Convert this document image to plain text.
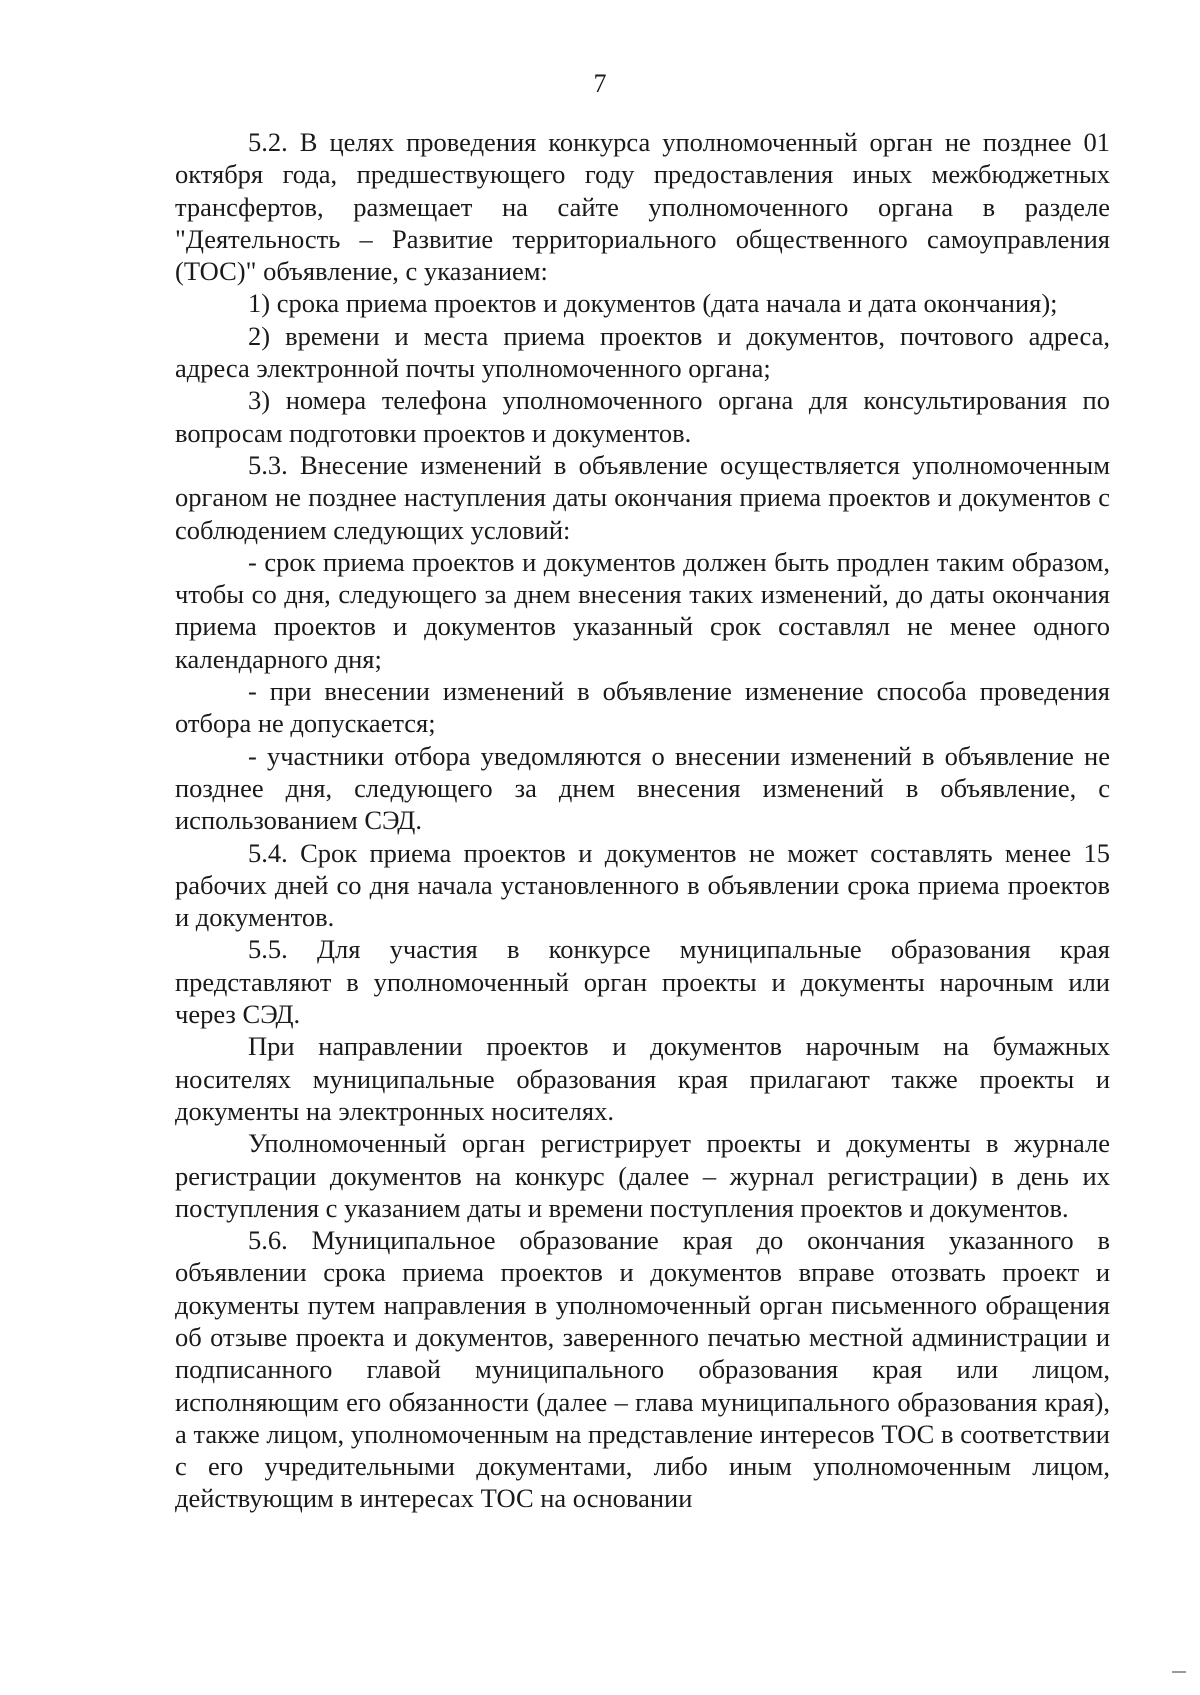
7

5.2. В целях проведения конкурса уполномоченный орган не позднее 01 октября года, предшествующего году предоставления иных межбюджетных трансфертов, размещает на сайте уполномоченного органа в разделе "Деятельность – Развитие территориального общественного самоуправления (ТОС)" объявление, с указанием:

1) срока приема проектов и документов (дата начала и дата окончания);

2) времени и места приема проектов и документов, почтового адреса, адреса электронной почты уполномоченного органа;

3) номера телефона уполномоченного органа для консультирования по вопросам подготовки проектов и документов.

5.3. Внесение изменений в объявление осуществляется уполномоченным органом не позднее наступления даты окончания приема проектов и документов с соблюдением следующих условий:

- срок приема проектов и документов должен быть продлен таким образом, чтобы со дня, следующего за днем внесения таких изменений, до даты окончания приема проектов и документов указанный срок составлял не менее одного календарного дня;

- при внесении изменений в объявление изменение способа проведения отбора не допускается;

- участники отбора уведомляются о внесении изменений в объявление не позднее дня, следующего за днем внесения изменений в объявление, с использованием СЭД.

5.4. Срок приема проектов и документов не может составлять менее 15 рабочих дней со дня начала установленного в объявлении срока приема проектов и документов.

5.5. Для участия в конкурсе муниципальные образования края представляют в уполномоченный орган проекты и документы нарочным или через СЭД.

При направлении проектов и документов нарочным на бумажных носителях муниципальные образования края прилагают также проекты и документы на электронных носителях.

Уполномоченный орган регистрирует проекты и документы в журнале регистрации документов на конкурс (далее – журнал регистрации) в день их поступления с указанием даты и времени поступления проектов и документов.

5.6. Муниципальное образование края до окончания указанного в объявлении срока приема проектов и документов вправе отозвать проект и документы путем направления в уполномоченный орган письменного обращения об отзыве проекта и документов, заверенного печатью местной администрации и подписанного главой муниципального образования края или лицом, исполняющим его обязанности (далее – глава муниципального образования края), а также лицом, уполномоченным на представление интересов ТОС в соответствии с его учредительными документами, либо иным уполномоченным лицом, действующим в интересах ТОС на основании
